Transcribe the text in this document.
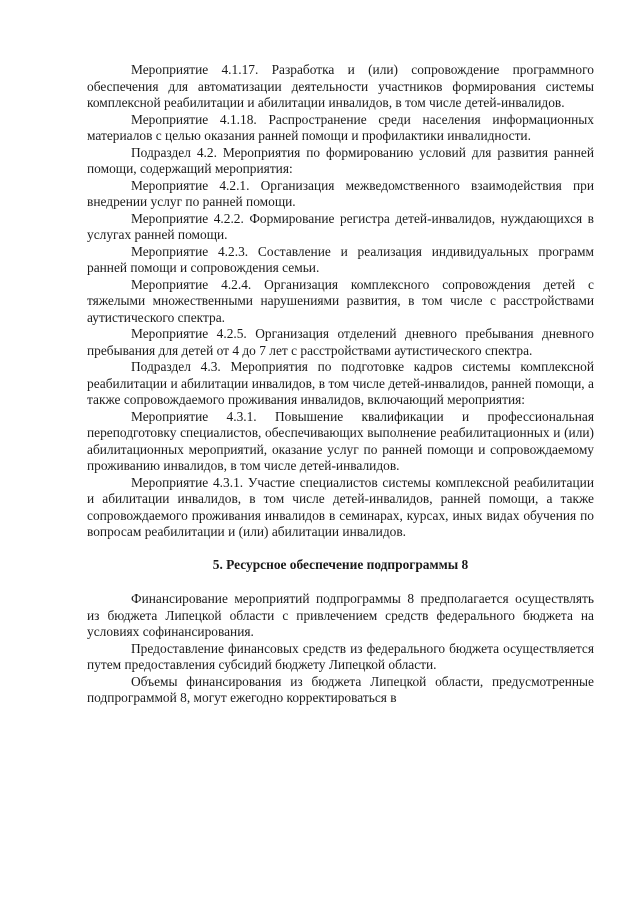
Мероприятие 4.1.17. Разработка и (или) сопровождение программного обеспечения для автоматизации деятельности участников формирования системы комплексной реабилитации и абилитации инвалидов, в том числе детей-инвалидов.

Мероприятие 4.1.18. Распространение среди населения информационных материалов с целью оказания ранней помощи и профилактики инвалидности.

Подраздел 4.2. Мероприятия по формированию условий для развития ранней помощи, содержащий мероприятия:

Мероприятие 4.2.1. Организация межведомственного взаимодействия при внедрении услуг по ранней помощи.

Мероприятие 4.2.2. Формирование регистра детей-инвалидов, нуждающихся в услугах ранней помощи.

Мероприятие 4.2.3. Составление и реализация индивидуальных программ ранней помощи и сопровождения семьи.

Мероприятие 4.2.4. Организация комплексного сопровождения детей с тяжелыми множественными нарушениями развития, в том числе с расстройствами аутистического спектра.

Мероприятие 4.2.5. Организация отделений дневного пребывания дневного пребывания для детей от 4 до 7 лет с расстройствами аутистического спектра.

Подраздел 4.3. Мероприятия по подготовке кадров системы комплексной реабилитации и абилитации инвалидов, в том числе детей-инвалидов, ранней помощи, а также сопровождаемого проживания инвалидов, включающий мероприятия:

Мероприятие 4.3.1. Повышение квалификации и профессиональная переподготовку специалистов, обеспечивающих выполнение реабилитационных и (или) абилитационных мероприятий, оказание услуг по ранней помощи и сопровождаемому проживанию инвалидов, в том числе детей-инвалидов.

Мероприятие 4.3.1. Участие специалистов системы комплексной реабилитации и абилитации инвалидов, в том числе детей-инвалидов, ранней помощи, а также сопровождаемого проживания инвалидов в семинарах, курсах, иных видах обучения по вопросам реабилитации и (или) абилитации инвалидов.

5. Ресурсное обеспечение подпрограммы 8

Финансирование мероприятий подпрограммы 8 предполагается осуществлять из бюджета Липецкой области с привлечением средств федерального бюджета на условиях софинансирования.

Предоставление финансовых средств из федерального бюджета осуществляется путем предоставления субсидий бюджету Липецкой области.

Объемы финансирования из бюджета Липецкой области, предусмотренные подпрограммой 8, могут ежегодно корректироваться в
